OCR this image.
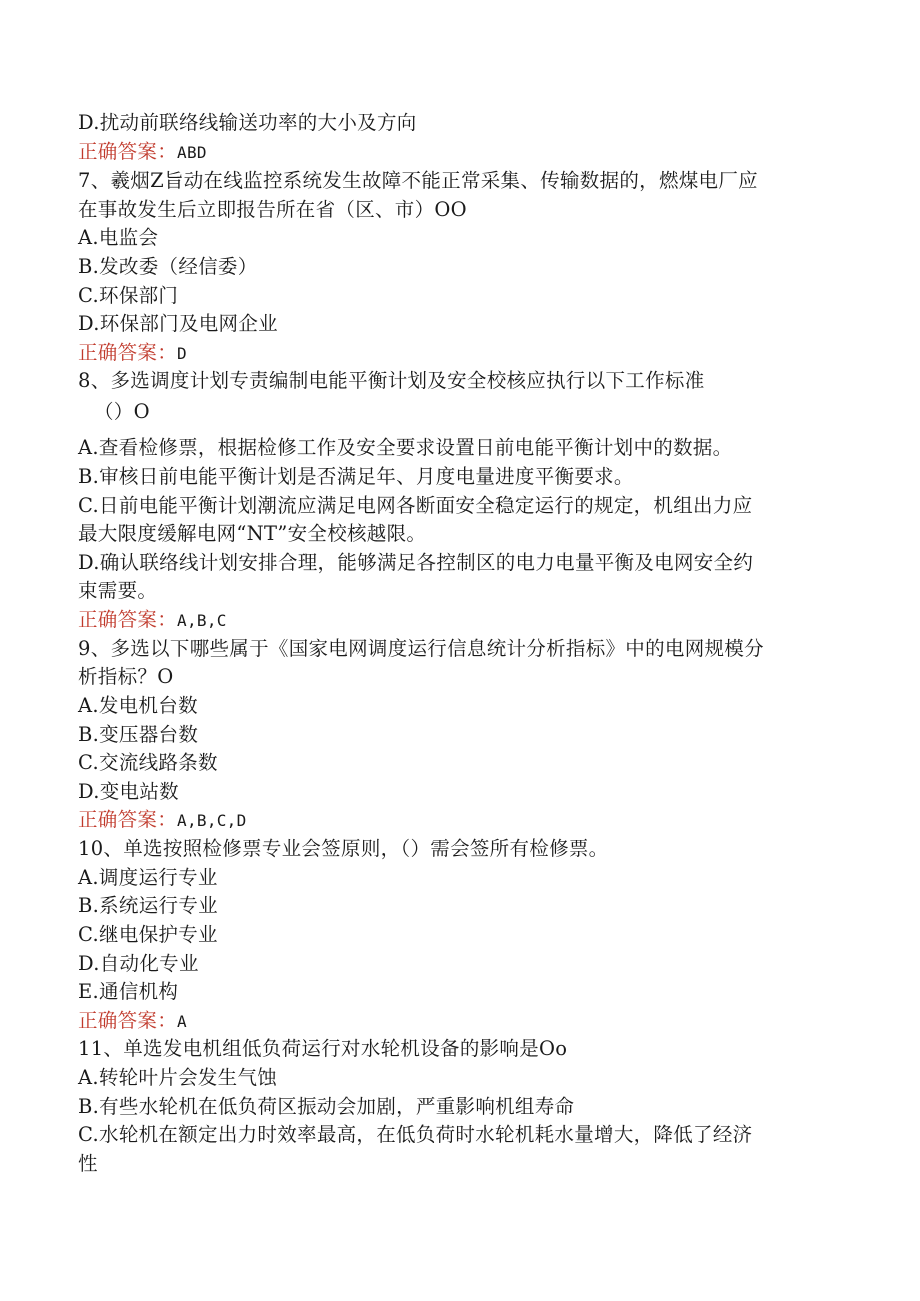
D.扰动前联络线输送功率的大小及方向
正确答案：ABD
7、羲烟Z旨动在线监控系统发生故障不能正常采集、传输数据的，燃煤电厂应
在事故发生后立即报告所在省（区、市）OO
A.电监会
B.发改委（经信委）
C.环保部门
D.环保部门及电网企业
正确答案：D
8、多选调度计划专责编制电能平衡计划及安全校核应执行以下工作标准
（）O
A.查看检修票，根据检修工作及安全要求设置日前电能平衡计划中的数据。
B.审核日前电能平衡计划是否满足年、月度电量进度平衡要求。
C.日前电能平衡计划潮流应满足电网各断面安全稳定运行的规定，机组出力应
最大限度缓解电网“NT”安全校核越限。
D.确认联络线计划安排合理，能够满足各控制区的电力电量平衡及电网安全约
束需要。
正确答案：A,B,C
9、多选以下哪些属于《国家电网调度运行信息统计分析指标》中的电网规模分
析指标？O
A.发电机台数
B.变压器台数
C.交流线路条数
D.变电站数
正确答案：A,B,C,D
10、单选按照检修票专业会签原则，（）需会签所有检修票。
A.调度运行专业
B.系统运行专业
C.继电保护专业
D.自动化专业
E.通信机构
正确答案：A
11、单选发电机组低负荷运行对水轮机设备的影响是Oo
A.转轮叶片会发生气蚀
B.有些水轮机在低负荷区振动会加剧，严重影响机组寿命
C.水轮机在额定出力时效率最高，在低负荷时水轮机耗水量增大，降低了经济
性
